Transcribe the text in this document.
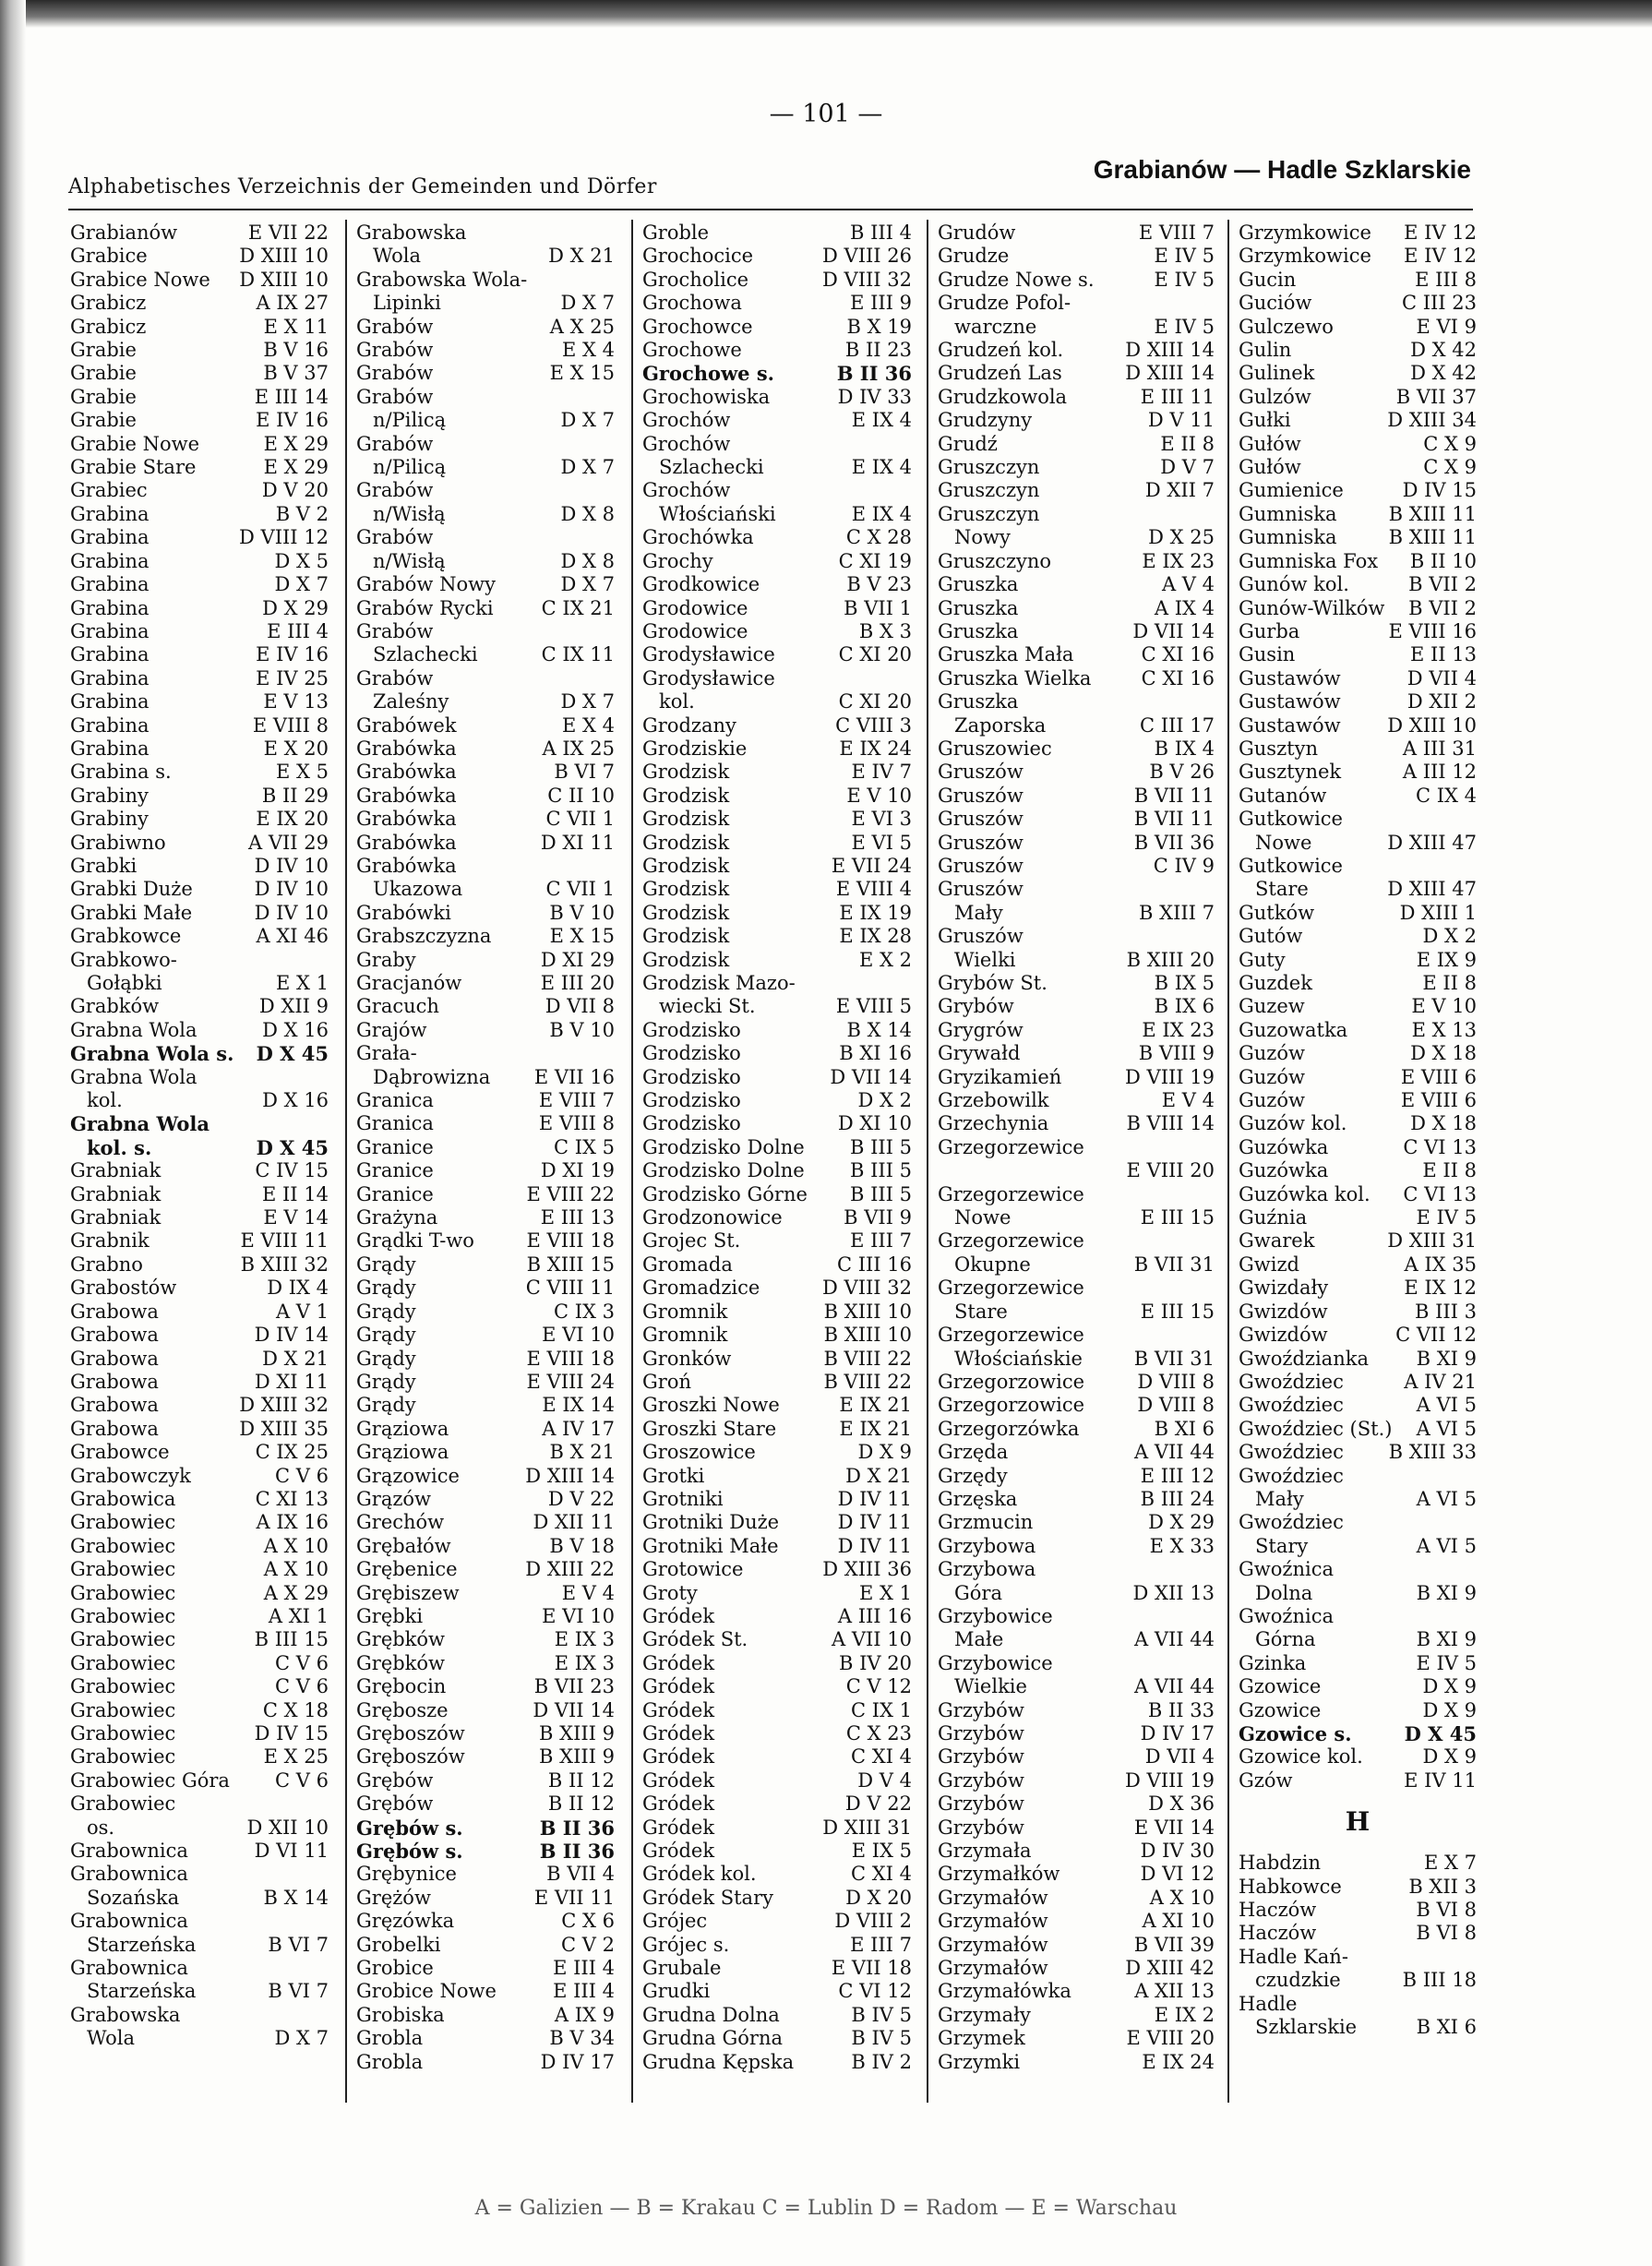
— 101 —
Alphabetisches Verzeichnis der Gemeinden und Dörfer
Grabianów — Hadle Szklarskie
Grabianów	E VII 22
Grabice	D XIII 10
Grabice Nowe D XIII 10
Grabicz	A IX 27
Grabicz	E X 11
Grabie	B V 16
Grabie	B V 37
Grabie	E III 14
Grabie	E IV 16
Grabie Nowe	E X 29
Grabie Stare	E X 29
Grabiec	D V 20
Grabina	B V 2
Grabina	D VIII 12
Grabina	D X 5
Grabina	D X 7
Grabina	D X 29
Grabina	E III 4
Grabina	E IV 16
Grabina	E IV 25
Grabina	E V 13
Grabina	E VIII 8
Grabina	E X 20
Grabina s.	E X 5
Grabiny	B II 29
Grabiny	E IX 20
Grabiwno	A VII 29
Grabki	D IV 10
Grabki Duże	D IV 10
Grabki Małe	D IV 10
Grabkowce	A XI 46
Grabkowo-
Gołąbki	E X 1
Grabków	D XII 9
Grabna Wola	D X 16
Grabna Wola s. D X 45
Grabna Wola
kol.	D X 16
Grabna Wola
kol. s.	D X 45
Grabniak	C IV 15
Grabniak	E II 14
Grabniak	E V 14
Grabnik	E VIII 11
Grabno	B XIII 32
Grabostów	D IX 4
Grabowa	A V 1
Grabowa	D IV 14
Grabowa	D X 21
Grabowa	D XI 11
Grabowa	D XIII 32
Grabowa	D XIII 35
Grabowce	C IX 25
Grabowczyk	C V 6
Grabowica	C XI 13
Grabowiec	A IX 16
Grabowiec	A X 10
Grabowiec	A X 10
Grabowiec	A X 29
Grabowiec	A XI 1
Grabowiec	B III 15
Grabowiec	C V 6
Grabowiec	C V 6
Grabowiec	C X 18
Grabowiec	D IV 15
Grabowiec	E X 25
Grabowiec Góra C V 6
Grabowiec
os.	D XII 10
Grabownica	D VI 11
Grabownica
Sozańska	B X 14
Grabownica
Starzeńska	B VI 7
Grabownica
Starzeńska	B VI 7
Grabowska
Wola	D X 7
Grabowska
Wola	D X 21
Grabowska Wola-
Lipinki	D X 7
Grabów	A X 25
Grabów	E X 4
Grabów	E X 15
Grabów
n/Pilicą	D X 7
Grabów
n/Pilicą	D X 7
Grabów
n/Wisłą	D X 8
Grabów
n/Wisłą	D X 8
Grabów Nowy	D X 7
Grabów Rycki C IX 21
Grabów
Szlachecki	C IX 11
Grabów
Zaleśny	D X 7
Grabówek	E X 4
Grabówka	A IX 25
Grabówka	B VI 7
Grabówka	C II 10
Grabówka	C VII 1
Grabówka	D XI 11
Grabówka
Ukazowa	C VII 1
Grabówki	B V 10
Grabszczyzna	E X 15
Graby	D XI 29
Gracjanów	E III 20
Gracuch	D VII 8
Grajów	B V 10
Grała-
Dąbrowizna E VII 16
Granica	E VIII 7
Granica	E VIII 8
Granice	C IX 5
Granice	D XI 19
Granice	E VIII 22
Grażyna	E III 13
Grądki T-wo	E VIII 18
Grądy	B XIII 15
Grądy	C VIII 11
Grądy	C IX 3
Grądy	E VI 10
Grądy	E VIII 18
Grądy	E VIII 24
Grądy	E IX 14
Grąziowa	A IV 17
Grąziowa	B X 21
Grązowice	D XIII 14
Grązów	D V 22
Grechów	D XII 11
Grębałów	B V 18
Grębenice	D XIII 22
Grębiszew	E V 4
Grębki	E VI 10
Grębków	E IX 3
Grębków	E IX 3
Grębocin	B VII 23
Grębosze	D VII 14
Gręboszów	B XIII 9
Gręboszów	B XIII 9
Grębów	B II 12
Grębów	B II 12
Grębów s.	B II 36
Grębów s.	B II 36
Grębynice	B VII 4
Grężów	E VII 11
Gręzówka	C X 6
Grobelki	C V 2
Grobice	E III 4
Grobice Nowe	E III 4
Grobiska	A IX 9
Grobla	B V 34
Grobla	D IV 17
Groble	B III 4
Grochocice	D VIII 26
Grocholice	D VIII 32
Grochowa	E III 9
Grochowce	B X 19
Grochowe	B II 23
Grochowe s.	B II 36
Grochowiska	D IV 33
Grochów	E IX 4
Grochów
Szlachecki	E IX 4
Grochów
Włościański	E IX 4
Grochówka	C X 28
Grochy	C XI 19
Grodkowice	B V 23
Grodowice	B VII 1
Grodowice	B X 3
Grodysławice	C XI 20
Grodysławice
kol.	C XI 20
Grodzany	C VIII 3
Grodziskie	E IX 24
Grodzisk	E IV 7
Grodzisk	E V 10
Grodzisk	E VI 3
Grodzisk	E VI 5
Grodzisk	E VII 24
Grodzisk	E VIII 4
Grodzisk	E IX 19
Grodzisk	E IX 28
Grodzisk	E X 2
Grodzisk Mazo-
wiecki St.	E VIII 5
Grodzisko	B X 14
Grodzisko	B XI 16
Grodzisko	D VII 14
Grodzisko	D X 2
Grodzisko	D XI 10
Grodzisko Dolne B III 5
Grodzisko Dolne B III 5
Grodzisko Górne B III 5
Grodzonowice	B VII 9
Grojec St.	E III 7
Gromada	C III 16
Gromadzice	D VIII 32
Gromnik	B XIII 10
Gromnik	B XIII 10
Gronków	B VIII 22
Groń	B VIII 22
Groszki Nowe	E IX 21
Groszki Stare	E IX 21
Groszowice	D X 9
Grotki	D X 21
Grotniki	D IV 11
Grotniki Duże	D IV 11
Grotniki Małe	D IV 11
Grotowice	D XIII 36
Groty	E X 1
Gródek	A III 16
Gródek St.	A VII 10
Gródek	B IV 20
Gródek	C V 12
Gródek	C IX 1
Gródek	C X 23
Gródek	C XI 4
Gródek	D V 4
Gródek	D V 22
Gródek	D XIII 31
Gródek	E IX 5
Gródek kol.	C XI 4
Gródek Stary	D X 20
Grójec	D VIII 2
Grójec s.	E III 7
Grubale	E VII 18
Grudki	C VI 12
Grudna Dolna	B IV 5
Grudna Górna	B IV 5
Grudna Kępska	B IV 2
Grudów	E VIII 7
Grudze	E IV 5
Grudze Nowe s.	E IV 5
Grudze Pofol-
warczne	E IV 5
Grudzeń kol.	D XIII 14
Grudzeń Las	D XIII 14
Grudzkowola	E III 11
Grudzyny	D V 11
Grudź	E II 8
Gruszczyn	D V 7
Gruszczyn	D XII 7
Gruszczyn
Nowy	D X 25
Gruszczyno	E IX 23
Gruszka	A V 4
Gruszka	A IX 4
Gruszka	D VII 14
Gruszka Mała	C XI 16
Gruszka Wielka	C XI 16
Gruszka
Zaporska	C III 17
Gruszowiec	B IX 4
Gruszów	B V 26
Gruszów	B VII 11
Gruszów	B VII 11
Gruszów	B VII 36
Gruszów	C IV 9
Gruszów
Mały	B XIII 7
Gruszów
Wielki	B XIII 20
Grybów St.	B IX 5
Grybów	B IX 6
Grygrów	E IX 23
Grywałd	B VIII 9
Gryzikamień	D VIII 19
Grzebowilk	E V 4
Grzechynia	B VIII 14
Grzegorzewice
E VIII 20
Grzegorzewice
Nowe	E III 15
Grzegorzewice
Okupne	B VII 31
Grzegorzewice
Stare	E III 15
Grzegorzewice
Włościańskie	B VII 31
Grzegorzowice	D VIII 8
Grzegorzowice	D VIII 8
Grzegorzówka	B XI 6
Grzęda	A VII 44
Grzędy	E III 12
Grzęska	B III 24
Grzmucin	D X 29
Grzybowa	E X 33
Grzybowa
Góra	D XII 13
Grzybowice
Małe	A VII 44
Grzybowice
Wielkie	A VII 44
Grzybów	B II 33
Grzybów	D IV 17
Grzybów	D VII 4
Grzybów	D VIII 19
Grzybów	D X 36
Grzybów	E VII 14
Grzymała	D IV 30
Grzymałków	D VI 12
Grzymałów	A X 10
Grzymałów	A XI 10
Grzymałów	B VII 39
Grzymałów	D XIII 42
Grzymałówka	A XII 13
Grzymały	E IX 2
Grzymek	E VIII 20
Grzymki	E IX 24
Grzymkowice E IV 12
Grzymkowice E IV 12
Gucin	E III 8
Guciów	C III 23
Gulczewo	E VI 9
Gulin	D X 42
Gulinek	D X 42
Gulzów	B VII 37
Gułki	D XIII 34
Gułów	C X 9
Gułów	C X 9
Gumienice	D IV 15
Gumniska	B XIII 11
Gumniska	B XIII 11
Gumniska Fox B II 10
Gunów kol.	B VII 2
Gunów-Wilków B VII 2
Gurba	E VIII 16
Gusin	E II 13
Gustawów	D VII 4
Gustawów	D XII 2
Gustawów D XIII 10
Gusztyn	A III 31
Gusztynek	A III 12
Gutanów	C IX 4
Gutkowice
Nowe	D XIII 47
Gutkowice
Stare	D XIII 47
Gutków	D XIII 1
Gutów	D X 2
Guty	E IX 9
Guzdek	E II 8
Guzew	E V 10
Guzowatka	E X 13
Guzów	D X 18
Guzów	E VIII 6
Guzów	E VIII 6
Guzów kol.	D X 18
Guzówka	C VI 13
Guzówka	E II 8
Guzówka kol. C VI 13
Guźnia	E IV 5
Gwarek	D XIII 31
Gwizd	A IX 35
Gwizdały	E IX 12
Gwizdów	B III 3
Gwizdów	C VII 12
Gwoździanka B XI 9
Gwoździec	A IV 21
Gwoździec	A VI 5
Gwoździec (St.) A VI 5
Gwoździec B XIII 33
Gwoździec
Mały	A VI 5
Gwoździec
Stary	A VI 5
Gwoźnica
Dolna	B XI 9
Gwoźnica
Górna	B XI 9
Gzinka	E IV 5
Gzowice	D X 9
Gzowice	D X 9
Gzowice s.	D X 45
Gzowice kol.	D X 9
Gzów	E IV 11
H
Habdzin	E X 7
Habkowce	B XII 3
Haczów	B VI 8
Haczów	B VI 8
Hadle Kań-
czudzkie	B III 18
Hadle
Szklarskie	B XI 6
A = Galizien — B = Krakau C = Lublin D = Radom — E = Warschau
